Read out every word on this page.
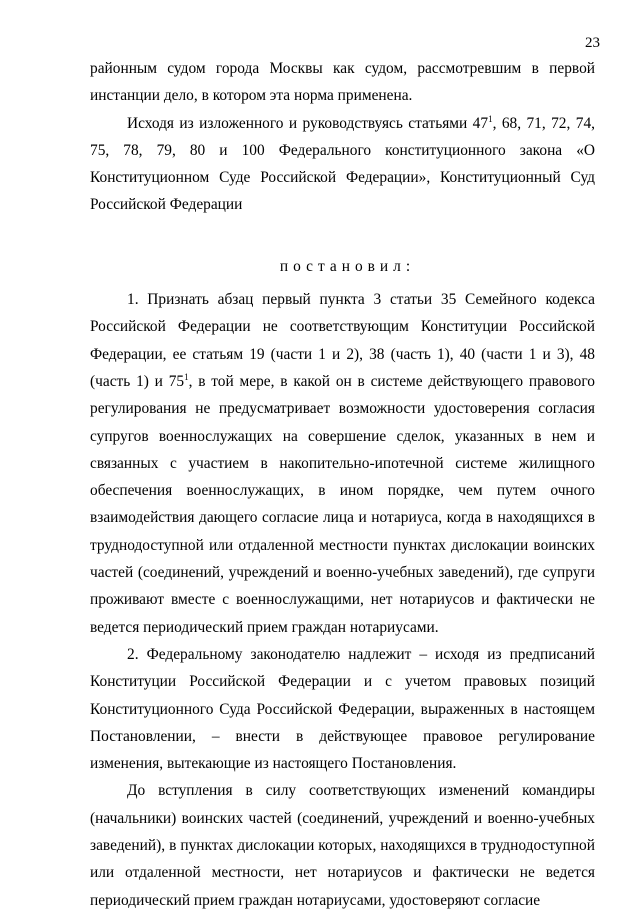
23

районным судом города Москвы как судом, рассмотревшим в первой инстанции дело, в котором эта норма применена.

Исходя из изложенного и руководствуясь статьями $47^1$, 68, 71, 72, 74, 75, 78, 79, 80 и 100 Федерального конституционного закона «О Конституционном Суде Российской Федерации», Конституционный Суд Российской Федерации

постановил:

1. Признать абзац первый пункта 3 статьи 35 Семейного кодекса Российской Федерации не соответствующим Конституции Российской Федерации, ее статьям 19 (части 1 и 2), 38 (часть 1), 40 (части 1 и 3), 48 (часть 1) и $75^1$, в той мере, в какой он в системе действующего правового регулирования не предусматривает возможности удостоверения согласия супругов военнослужащих на совершение сделок, указанных в нем и связанных с участием в накопительно-ипотечной системе жилищного обеспечения военнослужащих, в ином порядке, чем путем очного взаимодействия дающего согласие лица и нотариуса, когда в находящихся в труднодоступной или отдаленной местности пунктах дислокации воинских частей (соединений, учреждений и военно-учебных заведений), где супруги проживают вместе с военнослужащими, нет нотариусов и фактически не ведется периодический прием граждан нотариусами.

2. Федеральному законодателю надлежит – исходя из предписаний Конституции Российской Федерации и с учетом правовых позиций Конституционного Суда Российской Федерации, выраженных в настоящем Постановлении, – внести в действующее правовое регулирование изменения, вытекающие из настоящего Постановления.

До вступления в силу соответствующих изменений командиры (начальники) воинских частей (соединений, учреждений и военно-учебных заведений), в пунктах дислокации которых, находящихся в труднодоступной или отдаленной местности, нет нотариусов и фактически не ведется периодический прием граждан нотариусами, удостоверяют согласие
